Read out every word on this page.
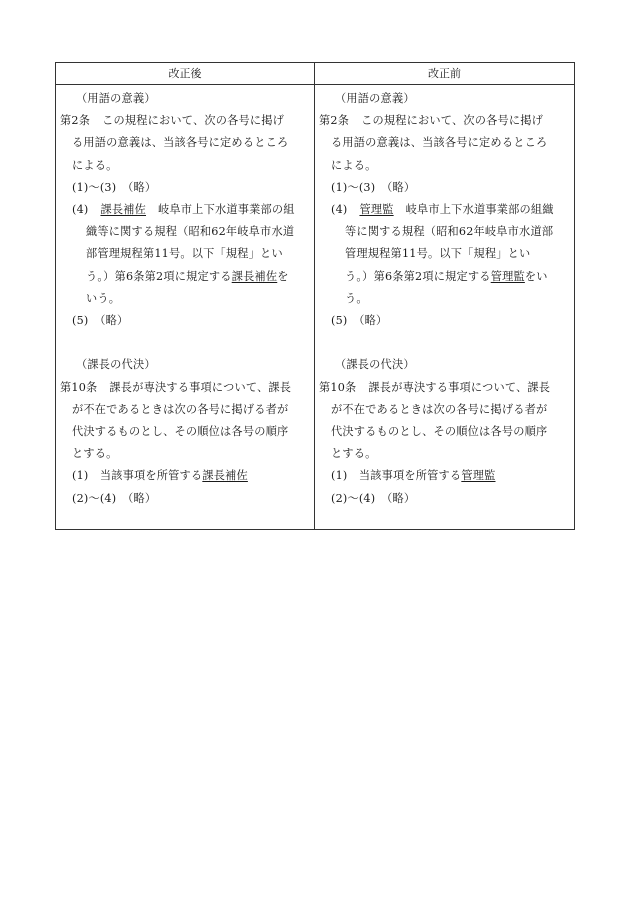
改正後	改正前
（用語の意義）
第2条 この規程において、次の各号に掲げ
る用語の意義は、当該各号に定めるところ
による。
(1)～(3)　（略）
(4) 課長補佐 岐阜市上下水道事業部の組
織等に関する規程（昭和62年岐阜市水道
部管理規程第11号。以下「規程」とい
う。）第6条第2項に規定する課長補佐を
いう。
(5)　（略）
（課長の代決）
第10条 課長が専決する事項について、課長
が不在であるときは次の各号に掲げる者が
代決するものとし、その順位は各号の順序
とする。
(1)　当該事項を所管する課長補佐
(2)～(4)　（略）
（用語の意義）
第2条 この規程において、次の各号に掲げ
る用語の意義は、当該各号に定めるところ
による。
(1)～(3)　（略）
(4) 管理監 岐阜市上下水道事業部の組織
等に関する規程（昭和62年岐阜市水道部
管理規程第11号。以下「規程」とい
う。）第6条第2項に規定する管理監をい
う。
(5)　（略）
（課長の代決）
第10条 課長が専決する事項について、課長
が不在であるときは次の各号に掲げる者が
代決するものとし、その順位は各号の順序
とする。
(1)　当該事項を所管する管理監
(2)～(4)　（略）
